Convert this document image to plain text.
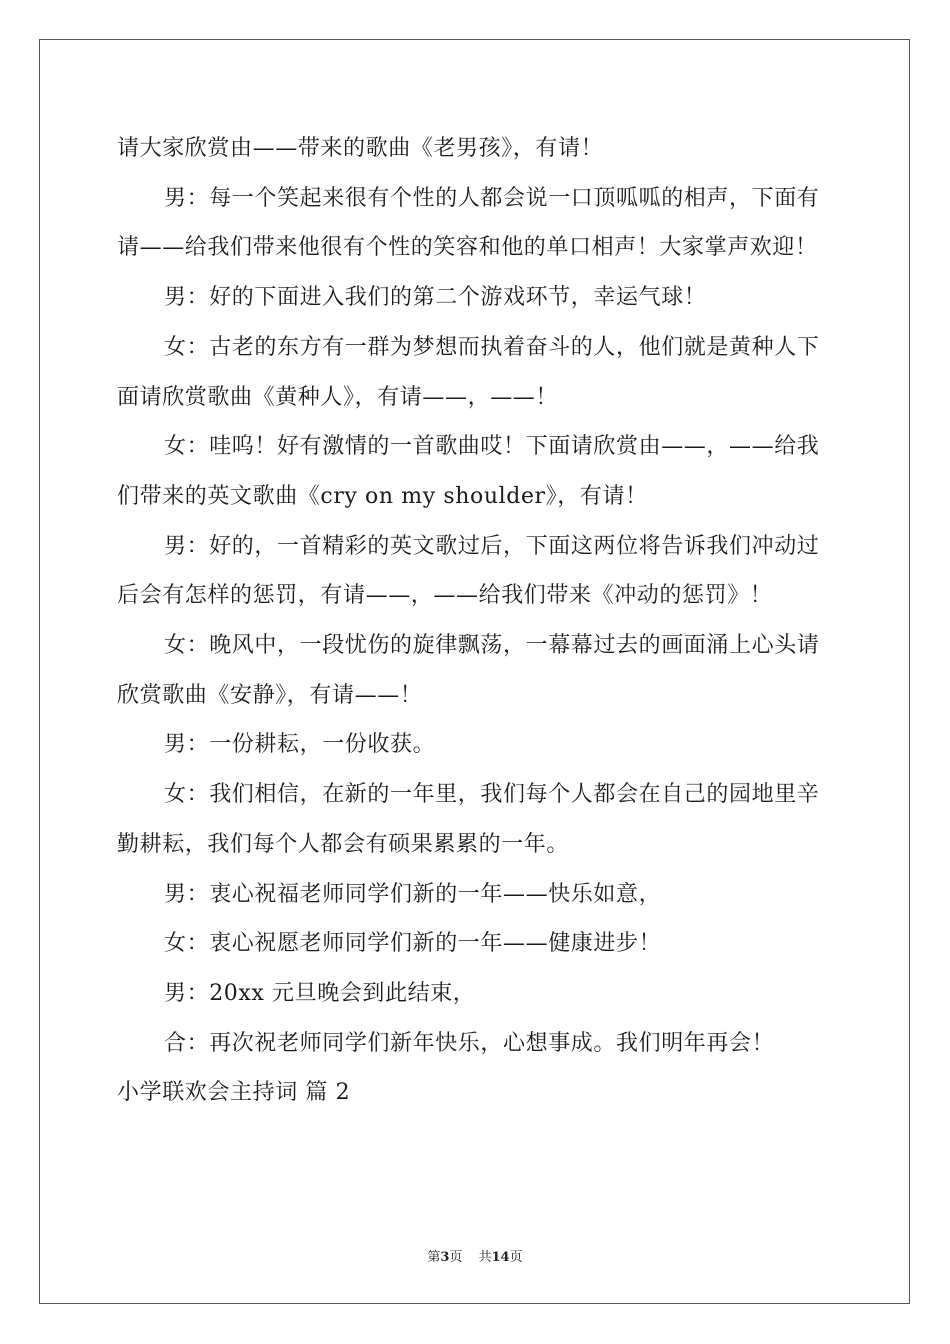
请大家欣赏由——带来的歌曲《老男孩》，有请！

男：每一个笑起来很有个性的人都会说一口顶呱呱的相声，下面有请——给我们带来他很有个性的笑容和他的单口相声！大家掌声欢迎！

男：好的下面进入我们的第二个游戏环节，幸运气球！

女：古老的东方有一群为梦想而执着奋斗的人，他们就是黄种人下面请欣赏歌曲《黄种人》，有请——，——！

女：哇呜！好有激情的一首歌曲哎！下面请欣赏由——，——给我们带来的英文歌曲《cry on my shoulder》，有请！

男：好的，一首精彩的英文歌过后，下面这两位将告诉我们冲动过后会有怎样的惩罚，有请——，——给我们带来《冲动的惩罚》！

女：晚风中，一段忧伤的旋律飘荡，一幕幕过去的画面涌上心头请欣赏歌曲《安静》，有请——！

男：一份耕耘，一份收获。

女：我们相信，在新的一年里，我们每个人都会在自己的园地里辛勤耕耘，我们每个人都会有硕果累累的一年。

男：衷心祝福老师同学们新的一年——快乐如意，

女：衷心祝愿老师同学们新的一年——健康进步！

男：20xx 元旦晚会到此结束，

合：再次祝老师同学们新年快乐，心想事成。我们明年再会！

小学联欢会主持词 篇 2

第3页 共14页
